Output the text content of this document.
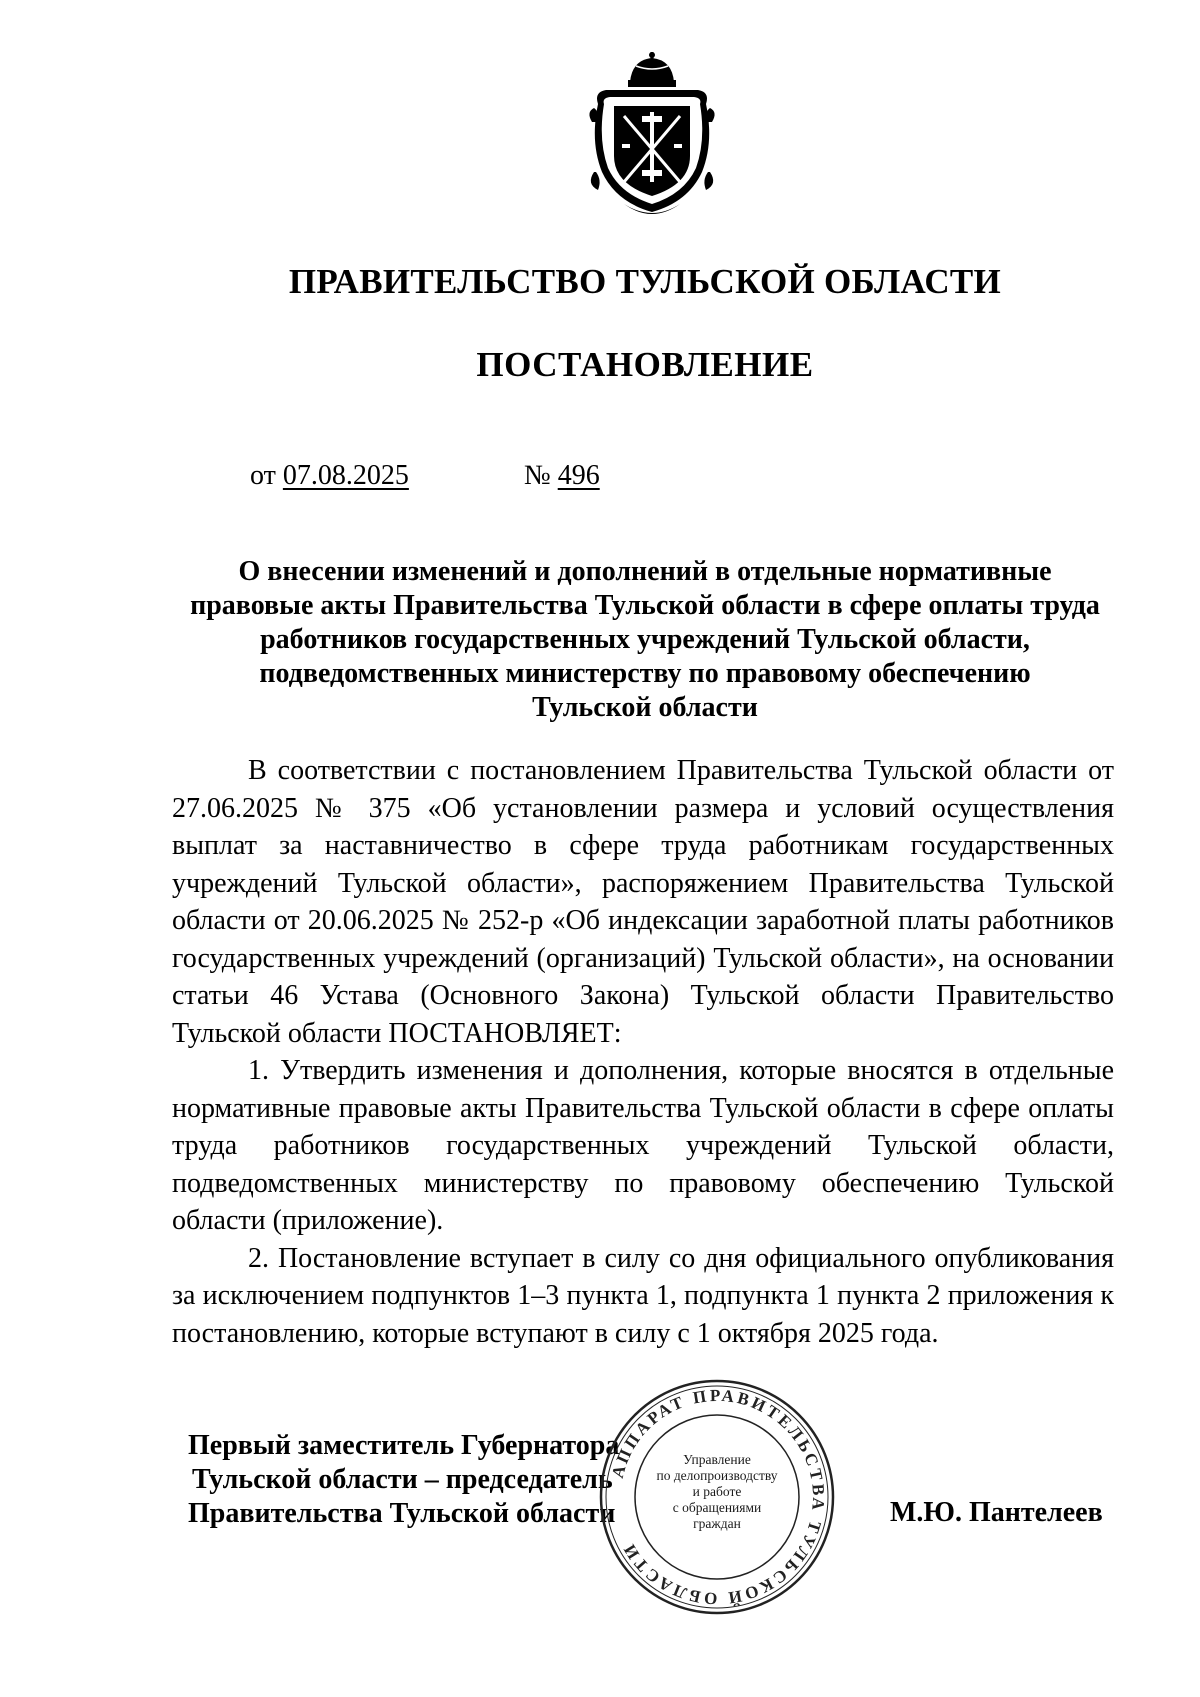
ПРАВИТЕЛЬСТВО ТУЛЬСКОЙ ОБЛАСТИ
ПОСТАНОВЛЕНИЕ
от 07.08.2025	№ 496
О внесении изменений и дополнений в отдельные нормативные
правовые акты Правительства Тульской области в сфере оплаты труда
работников государственных учреждений Тульской области,
подведомственных министерству по правовому обеспечению
Тульской области

В соответствии с постановлением Правительства Тульской области от 27.06.2025 № 375 «Об установлении размера и условий осуществления выплат за наставничество в сфере труда работникам государственных учреждений Тульской области», распоряжением Правительства Тульской области от 20.06.2025 № 252-р «Об индексации заработной платы работников государственных учреждений (организаций) Тульской области», на основании статьи 46 Устава (Основного Закона) Тульской области Правительство Тульской области ПОСТАНОВЛЯЕТ:

1. Утвердить изменения и дополнения, которые вносятся в отдельные нормативные правовые акты Правительства Тульской области в сфере оплаты труда работников государственных учреждений Тульской области, подведомственных министерству по правовому обеспечению Тульской области (приложение).

2. Постановление вступает в силу со дня официального опубликования за исключением подпунктов 1–3 пункта 1, подпункта 1 пункта 2 приложения к постановлению, которые вступают в силу с 1 октября 2025 года.

Первый заместитель Губернатора
Тульской области – председатель
Правительства Тульской области	М.Ю. Пантелеев
АППАРАТ ПРАВИТЕЛЬСТВА ТУЛЬСКОЙ ОБЛАСТИ
Управление
по делопроизводству
и работе
с обращениями
граждан
